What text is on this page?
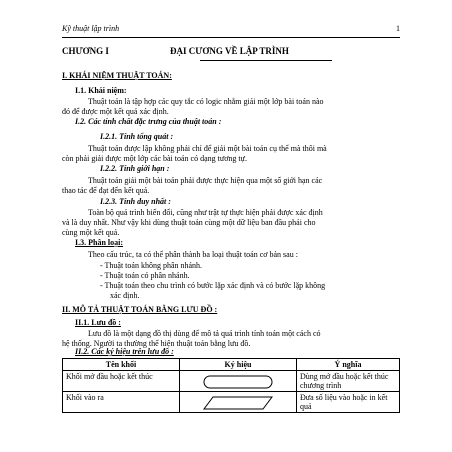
Kỹ thuật lập trình	1
CHƯƠNG I	ĐẠI CƯƠNG VỀ LẬP TRÌNH
I. KHÁI NIỆM THUẬT TOÁN:
I.1. Khái niệm:
Thuật toán là tập hợp các quy tắc có logic nhằm giải một lớp bài toán nào
đó để được một kết quả xác định.
I.2. Các tính chất đặc trưng của thuật toán :
I.2.1. Tính tổng quát :
Thuật toán được lập không phải chỉ để giải một bài toán cụ thể mà thôi mà
còn phải giải được một lớp các bài toán có dạng tương tự.
I.2.2. Tính giới hạn :
Thuật toán giải một bài toán phải được thực hiện qua một số giới hạn các
thao tác để đạt đến kết quả.
I.2.3. Tính duy nhất :
Toàn bộ quá trình biến đổi, cũng như trật tự thực hiện phải được xác định
và là duy nhất. Như vậy khi dùng thuật toán cùng một dữ liệu ban đầu phải cho
cùng một kết quả.
I.3. Phân loại:
Theo cấu trúc, ta có thể phân thành ba loại thuật toán cơ bản sau :
- Thuật toán không phân nhánh.
- Thuật toán có phân nhánh.
- Thuật toán theo chu trình có bước lặp xác định và có bước lặp không
xác định.
II. MÔ TẢ THUẬT TOÁN BẰNG LƯU ĐỒ :
II.1. Lưu đồ :
Lưu đồ là một dạng đồ thị dùng để mô tả quá trình tính toán một cách có
hệ thống. Người ta thường thể hiện thuật toán bằng lưu đồ.
II.2. Các ký hiệu trên lưu đồ :
Tên khối	Ký hiệu	Ý nghĩa
Khối mở đầu hoặc kết thúc		Dùng mở đầu hoặc kết thúc chương trình
Khối vào ra		Đưa số liệu vào hoặc in kết quả
